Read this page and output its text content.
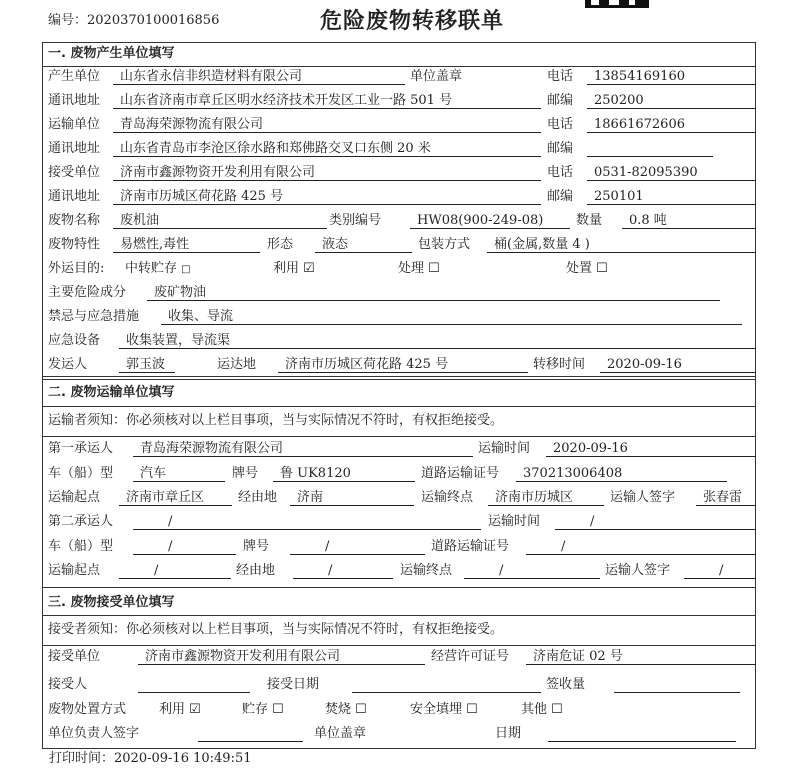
编号：2020370100016856	危险废物转移联单
一. 废物产生单位填写
产生单位	山东省永信非织造材料有限公司	单位盖章	电话	13854169160
通讯地址	山东省济南市章丘区明水经济技术开发区工业一路 501 号	邮编	250200
运输单位	青岛海荣源物流有限公司	电话	18661672606
通讯地址	山东省青岛市李沧区徐水路和郑佛路交叉口东侧 20 米	邮编
接受单位	济南市鑫源物资开发利用有限公司	电话	0531-82095390
通讯地址	济南市历城区荷花路 425 号	邮编	250101
废物名称	废机油	类别编号	HW08(900-249-08)	数量	0.8 吨
废物特性	易燃性,毒性	形态	液态	包装方式	桶(金属,数量 4 )
外运目的: 中转贮存 □	利用 ☑	处理 ☐	处置 ☐
主要危险成分	废矿物油
禁忌与应急措施	收集、导流
应急设备	收集装置，导流渠
发运人	郭玉波	运达地	济南市历城区荷花路 425 号	转移时间	2020-09-16
二. 废物运输单位填写
运输者须知：你必须核对以上栏目事项，当与实际情况不符时，有权拒绝接受。
第一承运人	青岛海荣源物流有限公司	运输时间	2020-09-16
车（船）型	汽车	牌号	鲁 UK8120	道路运输证号	370213006408
运输起点	济南市章丘区	经由地	济南	运输终点	济南市历城区	运输人签字	张春雷
第二承运人	/	运输时间	/
车（船）型	/	牌号	/	道路运输证号	/
运输起点	/	经由地	/	运输终点	/	运输人签字	/
三. 废物接受单位填写
接受者须知：你必须核对以上栏目事项，当与实际情况不符时，有权拒绝接受。
接受单位	济南市鑫源物资开发利用有限公司	经营许可证号	济南危证 02 号
接受人	接受日期	签收量
废物处置方式	利用 ☑	贮存 ☐	焚烧 ☐	安全填埋 ☐	其他 ☐
单位负责人签字	单位盖章	日期
打印时间：2020-09-16 10:49:51
